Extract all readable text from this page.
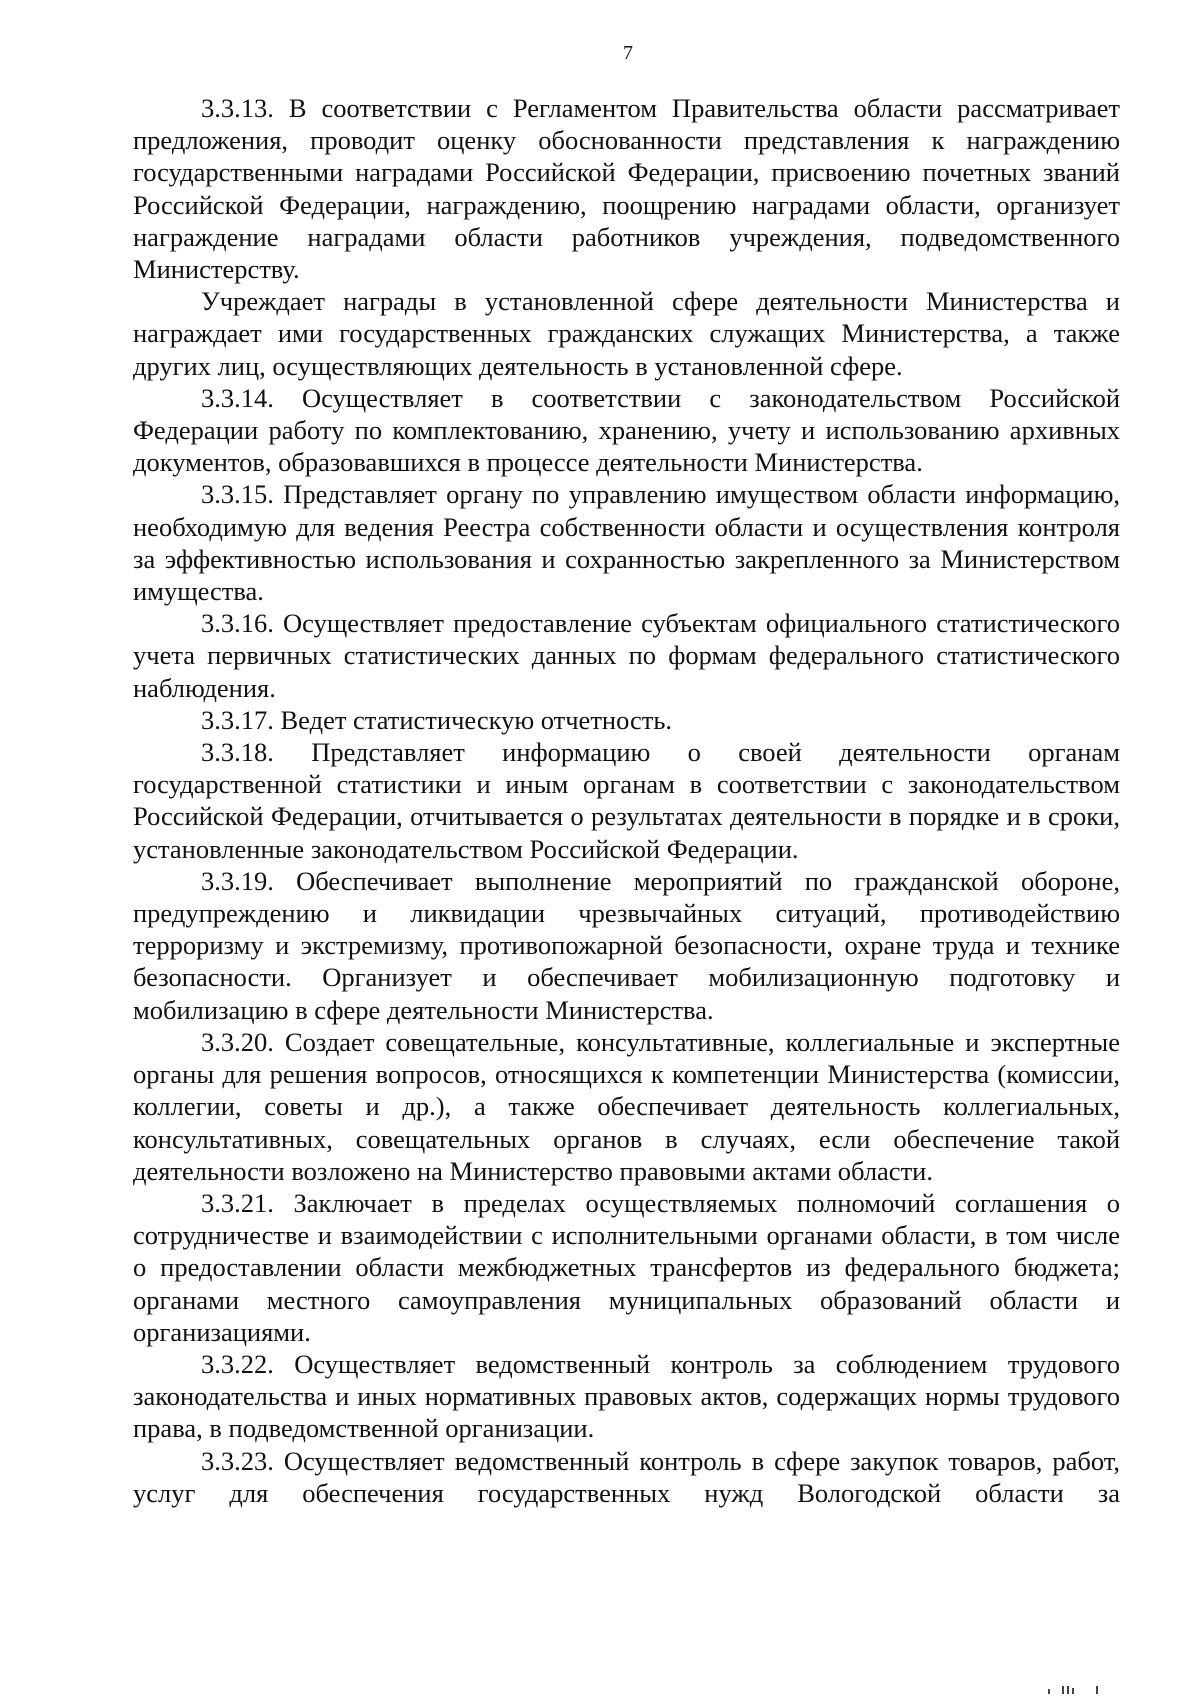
7

3.3.13. В соответствии с Регламентом Правительства области рассматривает предложения, проводит оценку обоснованности представления к награждению государственными наградами Российской Федерации, присвоению почетных званий Российской Федерации, награждению, поощрению наградами области, организует награждение наградами области работников учреждения, подведомственного Министерству.

Учреждает награды в установленной сфере деятельности Министерства и награждает ими государственных гражданских служащих Министерства, а также других лиц, осуществляющих деятельность в установленной сфере.

3.3.14. Осуществляет в соответствии с законодательством Российской Федерации работу по комплектованию, хранению, учету и использованию архивных документов, образовавшихся в процессе деятельности Министерства.

3.3.15. Представляет органу по управлению имуществом области информацию, необходимую для ведения Реестра собственности области и осуществления контроля за эффективностью использования и сохранностью закрепленного за Министерством имущества.

3.3.16. Осуществляет предоставление субъектам официального статистического учета первичных статистических данных по формам федерального статистического наблюдения.

3.3.17. Ведет статистическую отчетность.

3.3.18. Представляет информацию о своей деятельности органам государственной статистики и иным органам в соответствии с законодательством Российской Федерации, отчитывается о результатах деятельности в порядке и в сроки, установленные законодательством Российской Федерации.

3.3.19. Обеспечивает выполнение мероприятий по гражданской обороне, предупреждению и ликвидации чрезвычайных ситуаций, противодействию терроризму и экстремизму, противопожарной безопасности, охране труда и технике безопасности. Организует и обеспечивает мобилизационную подготовку и мобилизацию в сфере деятельности Министерства.

3.3.20. Создает совещательные, консультативные, коллегиальные и экспертные органы для решения вопросов, относящихся к компетенции Министерства (комиссии, коллегии, советы и др.), а также обеспечивает деятельность коллегиальных, консультативных, совещательных органов в случаях, если обеспечение такой деятельности возложено на Министерство правовыми актами области.

3.3.21. Заключает в пределах осуществляемых полномочий соглашения о сотрудничестве и взаимодействии с исполнительными органами области, в том числе о предоставлении области межбюджетных трансфертов из федерального бюджета; органами местного самоуправления муниципальных образований области и организациями.

3.3.22. Осуществляет ведомственный контроль за соблюдением трудового законодательства и иных нормативных правовых актов, содержащих нормы трудового права, в подведомственной организации.

3.3.23. Осуществляет ведомственный контроль в сфере закупок товаров, работ, услуг для обеспечения государственных нужд Вологодской области за
